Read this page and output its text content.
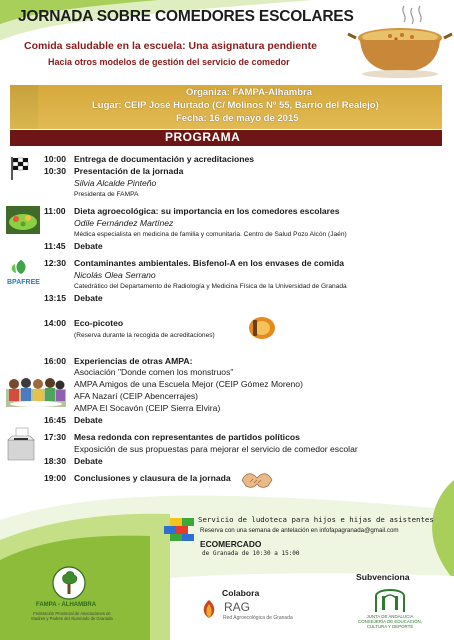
JORNADA SOBRE COMEDORES ESCOLARES
Comida saludable en la escuela: Una asignatura pendiente
Hacia otros modelos de gestión del servicio de comedor
Organiza: FAMPA-Alhambra
Lugar: CEIP José Hurtado (C/ Molinos Nº 55, Barrio del Realejo)
Fecha: 16 de mayo de 2015
PROGRAMA
BPAFREE
10:00 Entrega de documentación y acreditaciones
10:30 Presentación de la jornada
Silvia Alcalde Pinteño
Presidenta de FAMPA
11:00 Dieta agroecológica: su importancia en los comedores escolares
Odile Fernández Martínez
Médica especialista en medicina de familia y comunitaria. Centro de Salud Pozo Alcón (Jaén)
11:45 Debate
12:30 Contaminantes ambientales. Bisfenol-A en los envases de comida
Nicolás Olea Serrano
Catedrático del Departamento de Radiología y Medicina Física de la Universidad de Granada
13:15 Debate
14:00 Eco-picoteo
(Reserva durante la recogida de acreditaciones)
16:00 Experiencias de otras AMPA:
Asociación "Donde comen los monstruos"
AMPA Amigos de una Escuela Mejor (CEIP Gómez Moreno)
AFA Nazarí (CEIP Abencerrajes)
AMPA El Socavón (CEIP Sierra Elvira)
16:45 Debate
17:30 Mesa redonda con representantes de partidos políticos
Exposición de sus propuestas para mejorar el servicio de comedor escolar
18:30 Debate
19:00 Conclusiones y clausura de la jornada
Servicio de ludoteca para hijos e hijas de asistentes
Reserva con una semana de antelación en infofapagranada@gmail.com
ECOMERCADO
de Granada de 10:30 a 15:00
FAMPA - ALHAMBRA
Federación Provincial de Asociaciones de Madres y Padres del Alumnado de Granada
Colabora
RAG
Red Agroecológica de Granada
Subvenciona
JUNTA DE ANDALUCIA CONSEJERÍA DE EDUCACIÓN, CULTURA Y DEPORTE
